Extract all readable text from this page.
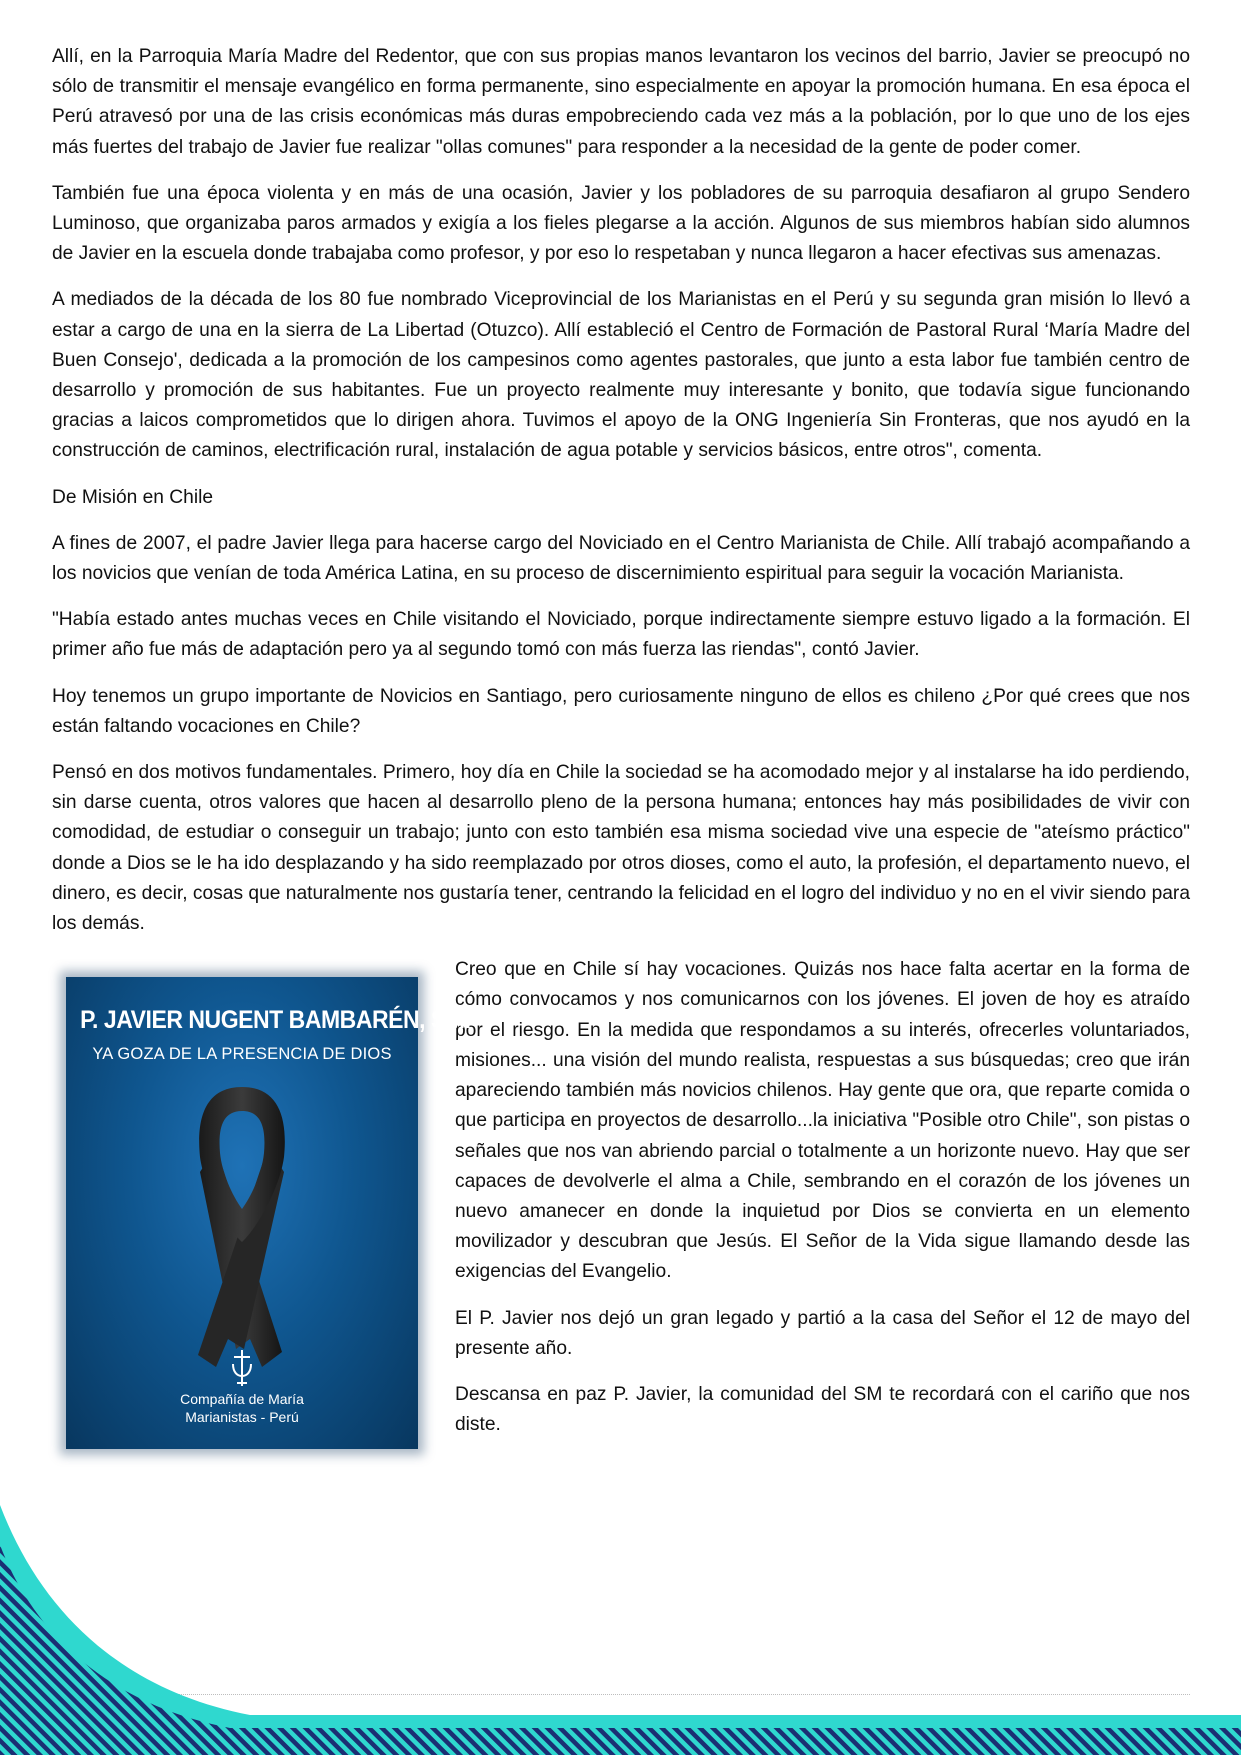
Allí, en la Parroquia María Madre del Redentor, que con sus propias manos levantaron los vecinos del barrio, Javier se preocupó no sólo de transmitir el mensaje evangélico en forma permanente, sino especialmente en apoyar la promoción humana. En esa época el Perú atravesó por una de las crisis económicas más duras empobreciendo cada vez más a la población, por lo que uno de los ejes más fuertes del trabajo de Javier fue realizar "ollas comunes" para responder a la necesidad de la gente de poder comer.

También fue una época violenta y en más de una ocasión, Javier y los pobladores de su parroquia desafiaron al grupo Sendero Luminoso, que organizaba paros armados y exigía a los fieles plegarse a la acción. Algunos de sus miembros habían sido alumnos de Javier en la escuela donde trabajaba como profesor, y por eso lo respetaban y nunca llegaron a hacer efectivas sus amenazas.

A mediados de la década de los 80 fue nombrado Viceprovincial de los Marianistas en el Perú y su segunda gran misión lo llevó a estar a cargo de una en la sierra de La Libertad (Otuzco). Allí estableció el Centro de Formación de Pastoral Rural ‘María Madre del Buen Consejo', dedicada a la promoción de los campesinos como agentes pastorales, que junto a esta labor fue también centro de desarrollo y promoción de sus habitantes. Fue un proyecto realmente muy interesante y bonito, que todavía sigue funcionando gracias a laicos comprometidos que lo dirigen ahora. Tuvimos el apoyo de la ONG Ingeniería Sin Fronteras, que nos ayudó en la construcción de caminos, electrificación rural, instalación de agua potable y servicios básicos, entre otros", comenta.

De Misión en Chile

A fines de 2007, el padre Javier llega para hacerse cargo del Noviciado en el Centro Marianista de Chile. Allí trabajó acompañando a los novicios que venían de toda América Latina, en su proceso de discernimiento espiritual para seguir la vocación Marianista.

"Había estado antes muchas veces en Chile visitando el Noviciado, porque indirectamente siempre estuvo ligado a la formación. El primer año fue más de adaptación pero ya al segundo tomó con más fuerza las riendas", contó Javier.

Hoy tenemos un grupo importante de Novicios en Santiago, pero curiosamente ninguno de ellos es chileno ¿Por qué crees que nos están faltando vocaciones en Chile?

Pensó en dos motivos fundamentales. Primero, hoy día en Chile la sociedad se ha acomodado mejor y al instalarse ha ido perdiendo, sin darse cuenta, otros valores que hacen al desarrollo pleno de la persona humana; entonces hay más posibilidades de vivir con comodidad, de estudiar o conseguir un trabajo; junto con esto también esa misma sociedad vive una especie de "ateísmo práctico" donde a Dios se le ha ido desplazando y ha sido reemplazado por otros dioses, como el auto, la profesión, el departamento nuevo, el dinero, es decir, cosas que naturalmente nos gustaría tener, centrando la felicidad en el logro del individuo y no en el vivir siendo para los demás.

P. JAVIER NUGENT BAMBARÉN, SM.
YA GOZA DE LA PRESENCIA DE DIOS
Compañía de María
Marianistas - Perú

Creo que en Chile sí hay vocaciones. Quizás nos hace falta acertar en la forma de cómo convocamos y nos comunicarnos con los jóvenes. El joven de hoy es atraído por el riesgo. En la medida que respondamos a su interés, ofrecerles voluntariados, misiones... una visión del mundo realista, respuestas a sus búsquedas; creo que irán apareciendo también más novicios chilenos. Hay gente que ora, que reparte comida o que participa en proyectos de desarrollo...la iniciativa "Posible otro Chile", son pistas o señales que nos van abriendo parcial o totalmente a un horizonte nuevo. Hay que ser capaces de devolverle el alma a Chile, sembrando en el corazón de los jóvenes un nuevo amanecer en donde la inquietud por Dios se convierta en un elemento movilizador y descubran que Jesús. El Señor de la Vida sigue llamando desde las exigencias del Evangelio.

El P. Javier nos dejó un gran legado y partió a la casa del Señor el 12 de mayo del presente año.

Descansa en paz P. Javier, la comunidad del SM te recordará con el cariño que nos diste.
